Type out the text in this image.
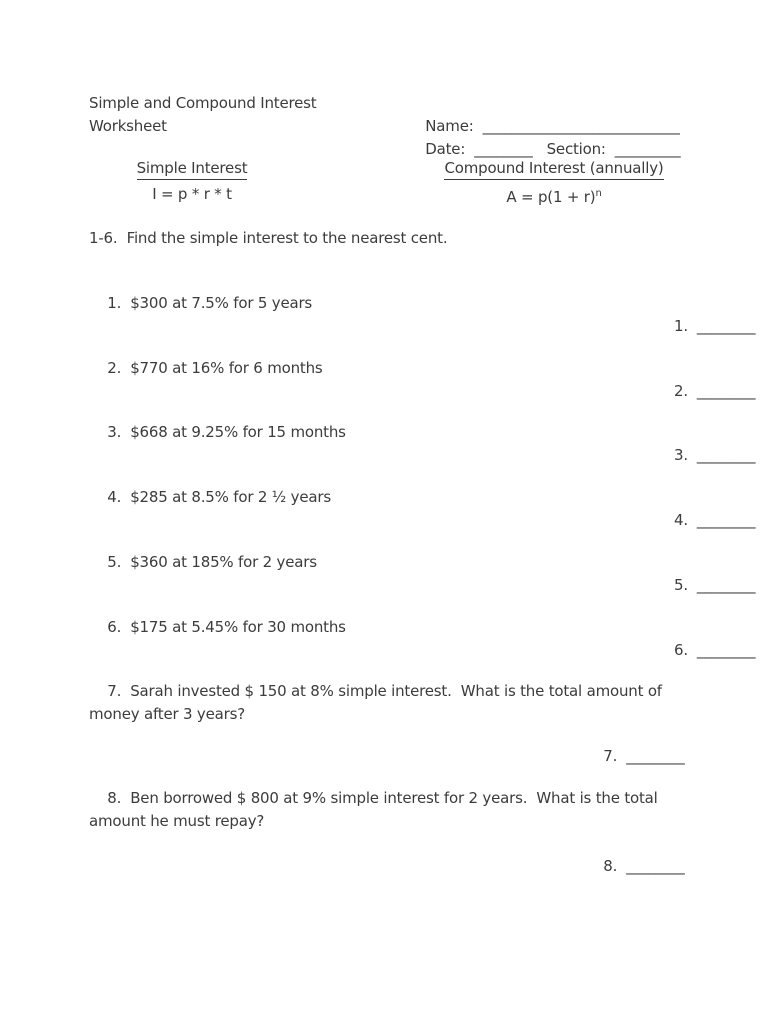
Simple and Compound Interest
Worksheet	Name: ___________________________

Date: ________ Section: _________

Simple Interest
I = p * r * t
Compound Interest (annually)
$A = p(1 + r)^n$
1-6.  Find the simple interest to the nearest cent.

1. $300 at 7.5% for 5 years

1. ________

2. $770 at 16% for 6 months

2. ________

3. $668 at 9.25% for 15 months

3. ________

4. $285 at 8.5% for 2 ½ years

4. ________

5. $360 at 185% for 2 years

5. ________

6. $175 at 5.45% for 30 months

6. ________

7. Sarah invested $ 150 at 8% simple interest.  What is the total amount of money after 3 years?

7. ________

8. Ben borrowed $ 800 at 9% simple interest for 2 years.  What is the total amount he must repay?

8. ________
